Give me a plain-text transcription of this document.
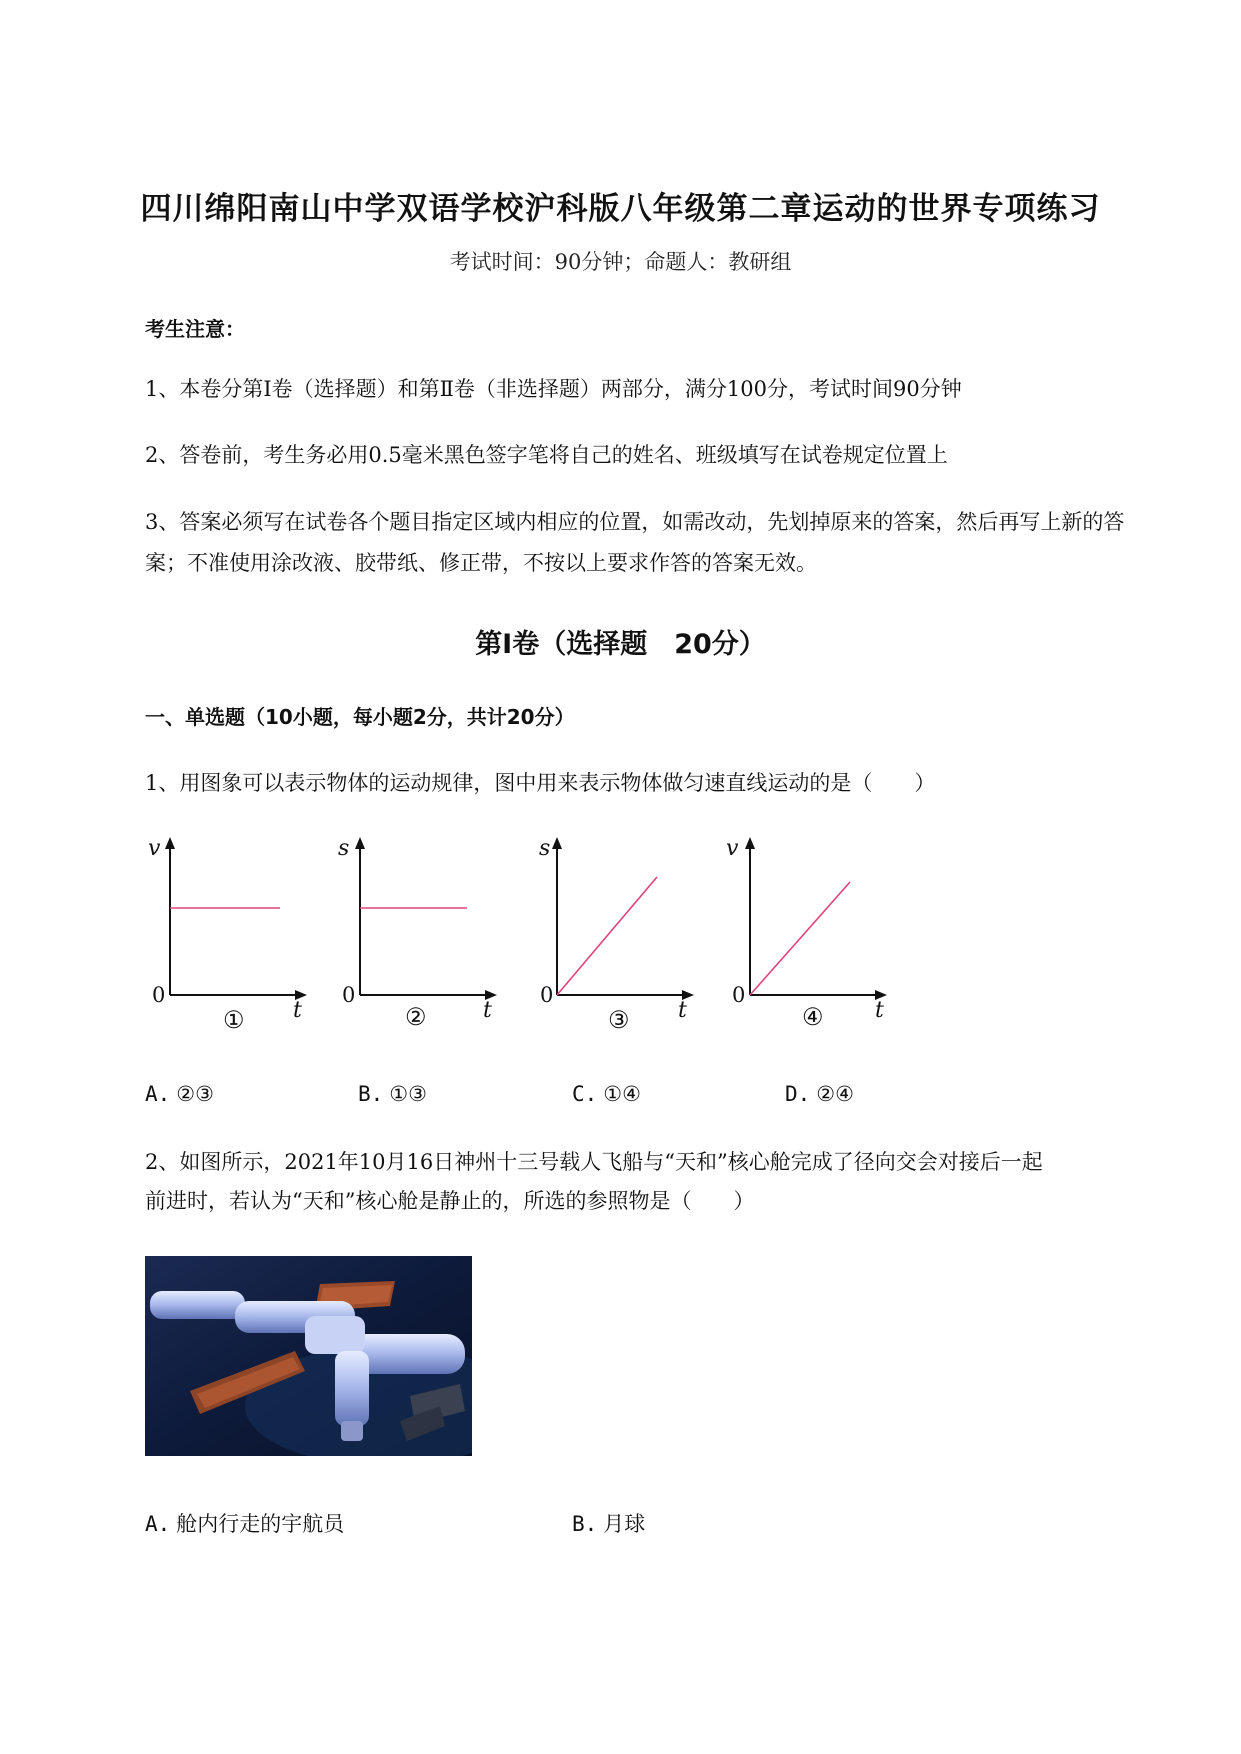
四川绵阳南山中学双语学校沪科版八年级第二章运动的世界专项练习
考试时间：90分钟；命题人：教研组
考生注意：
1、本卷分第Ⅰ卷（选择题）和第Ⅱ卷（非选择题）两部分，满分100分，考试时间90分钟
2、答卷前，考生务必用0.5毫米黑色签字笔将自己的姓名、班级填写在试卷规定位置上
3、答案必须写在试卷各个题目指定区域内相应的位置，如需改动，先划掉原来的答案，然后再写上新的答案；不准使用涂改液、胶带纸、修正带，不按以上要求作答的答案无效。
第Ⅰ卷（选择题　20分）
一、单选题（10小题，每小题2分，共计20分）
1、用图象可以表示物体的运动规律，图中用来表示物体做匀速直线运动的是（　　）
v
t
0
①
s
t
0
②
s
t
0
③
v
t
0
④
A. ②③	B. ①③	C. ①④	D. ②④
2、如图所示，2021年10月16日神州十三号载人飞船与“天和”核心舱完成了径向交会对接后一起
前进时，若认为“天和”核心舱是静止的，所选的参照物是（　　）
A. 舱内行走的宇航员	B. 月球
